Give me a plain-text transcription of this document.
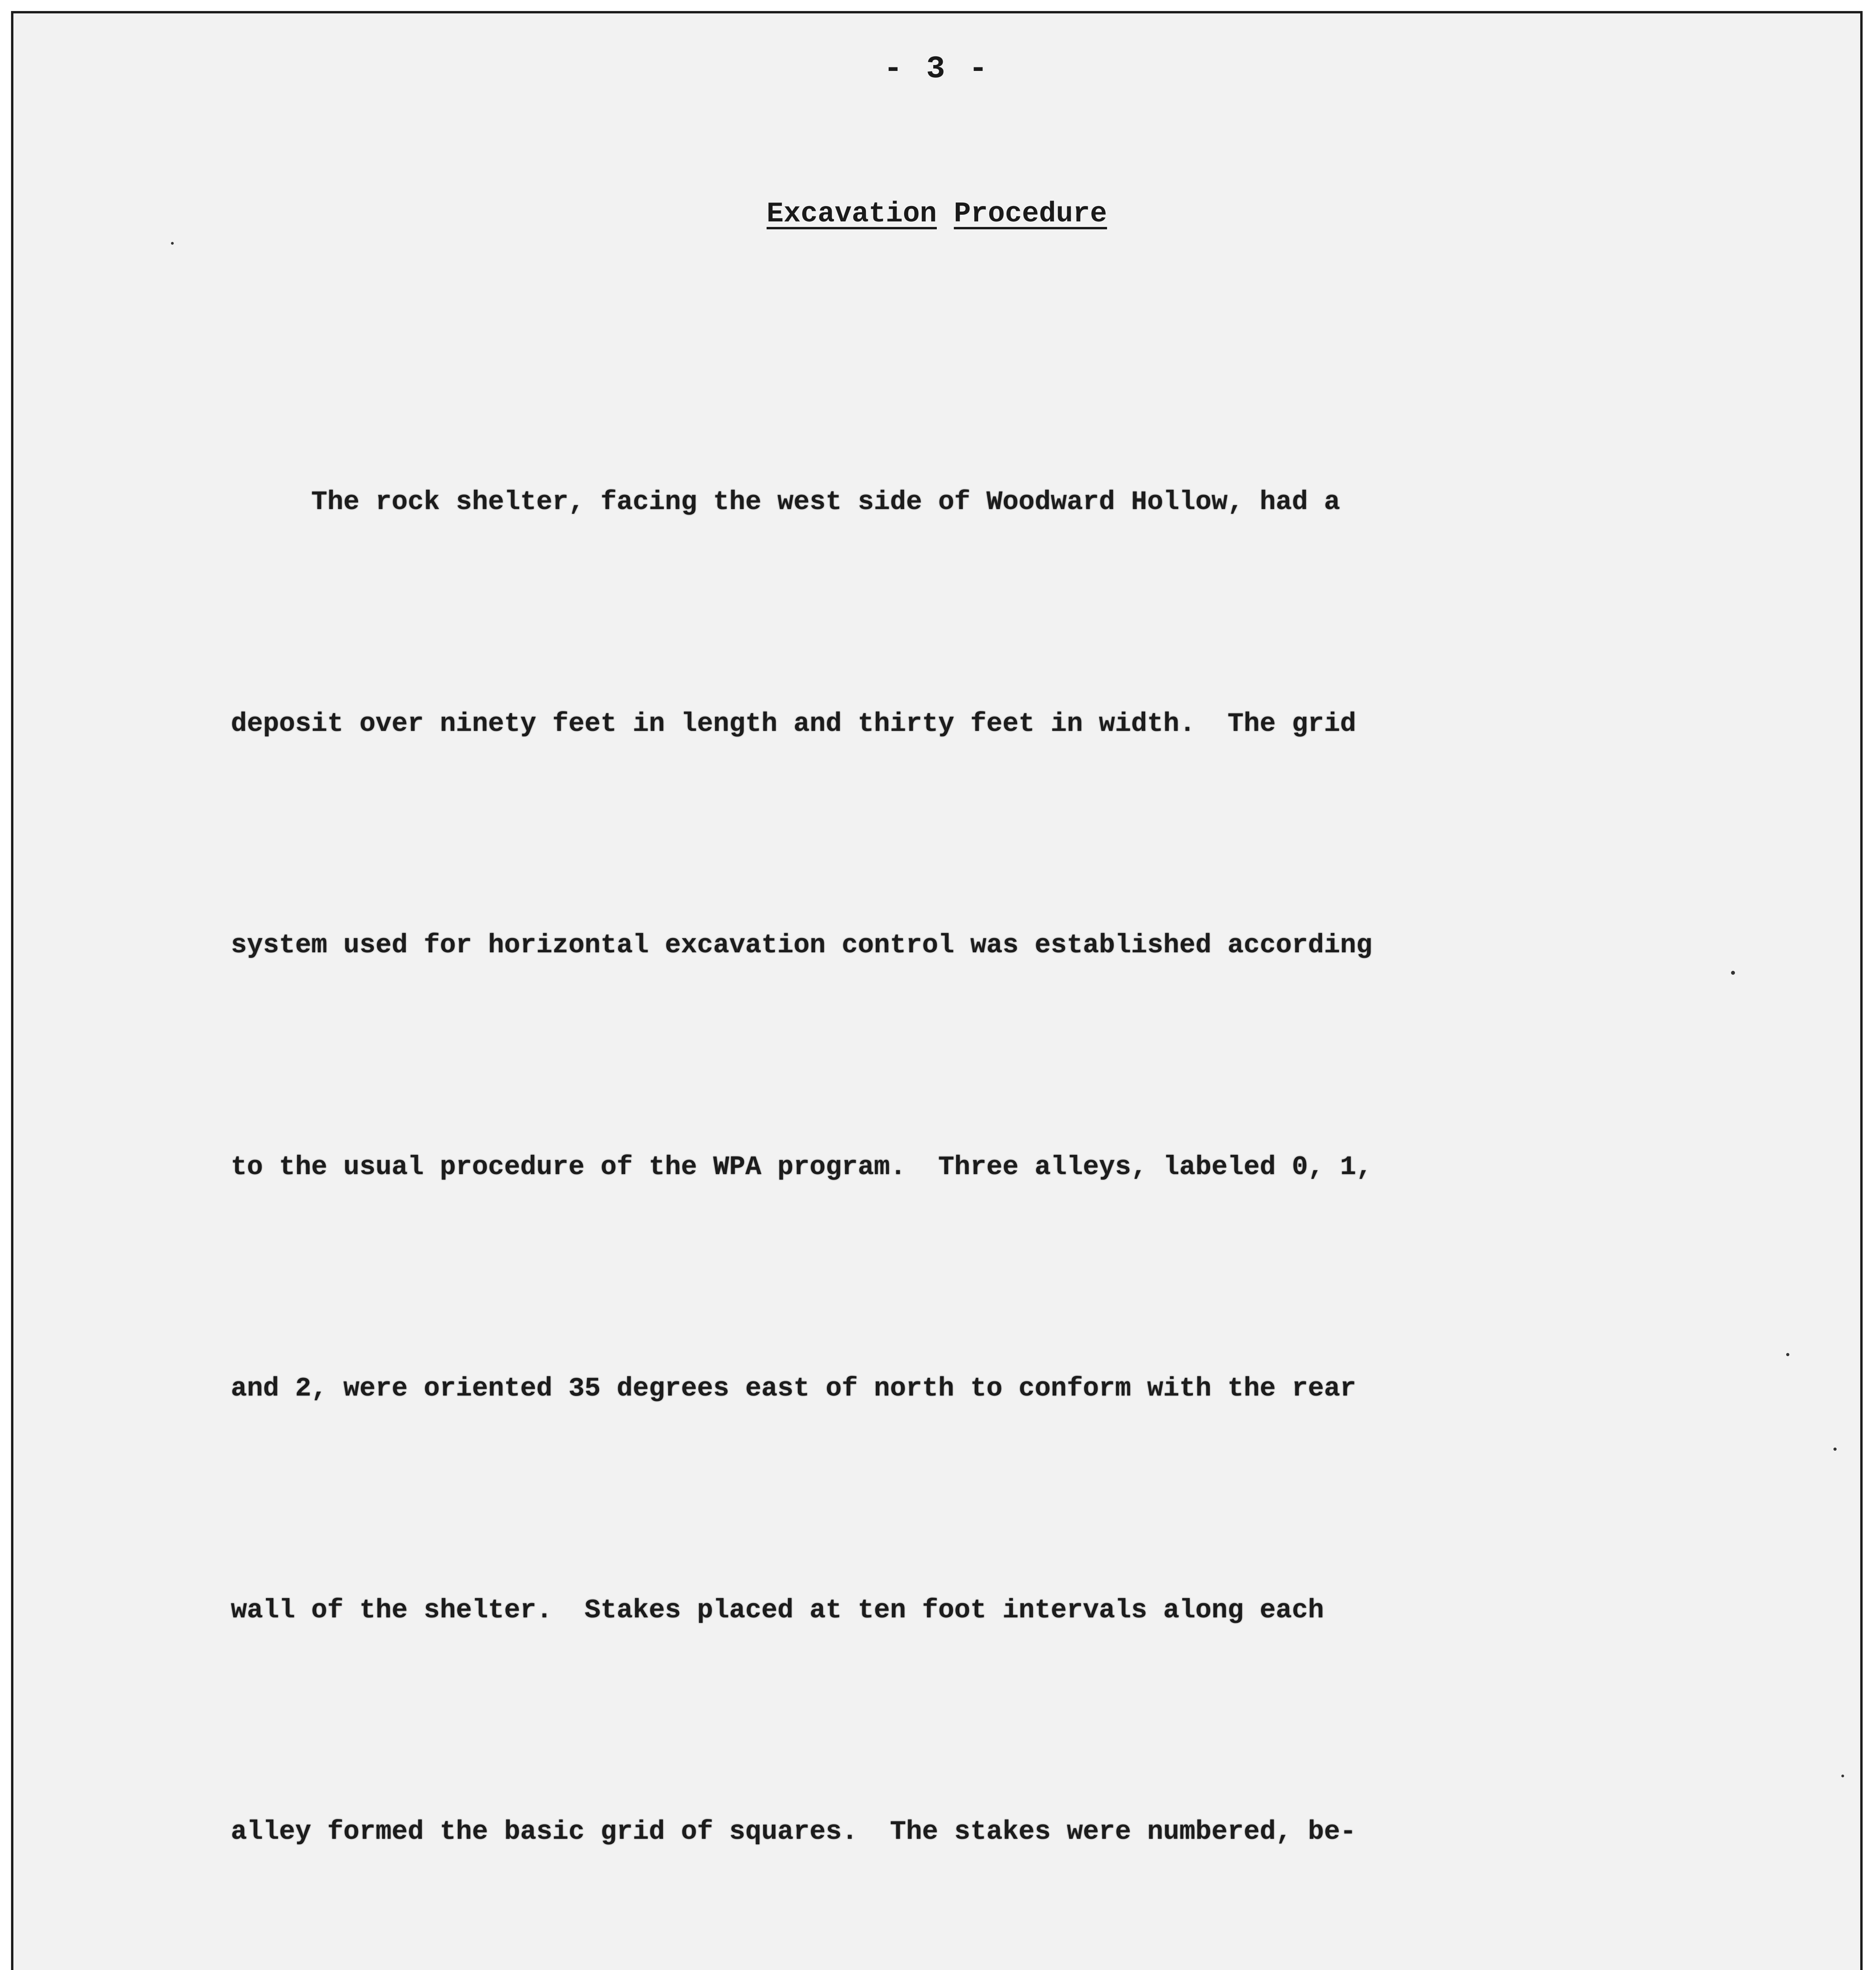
- 3 -
Excavation Procedure

The rock shelter, facing the west side of Woodward Hollow, had a

deposit over ninety feet in length and thirty feet in width.  The grid

system used for horizontal excavation control was established according

to the usual procedure of the WPA program.  Three alleys, labeled 0, 1,

and 2, were oriented 35 degrees east of north to conform with the rear

wall of the shelter.  Stakes placed at ten foot intervals along each

alley formed the basic grid of squares.  The stakes were numbered, be-
